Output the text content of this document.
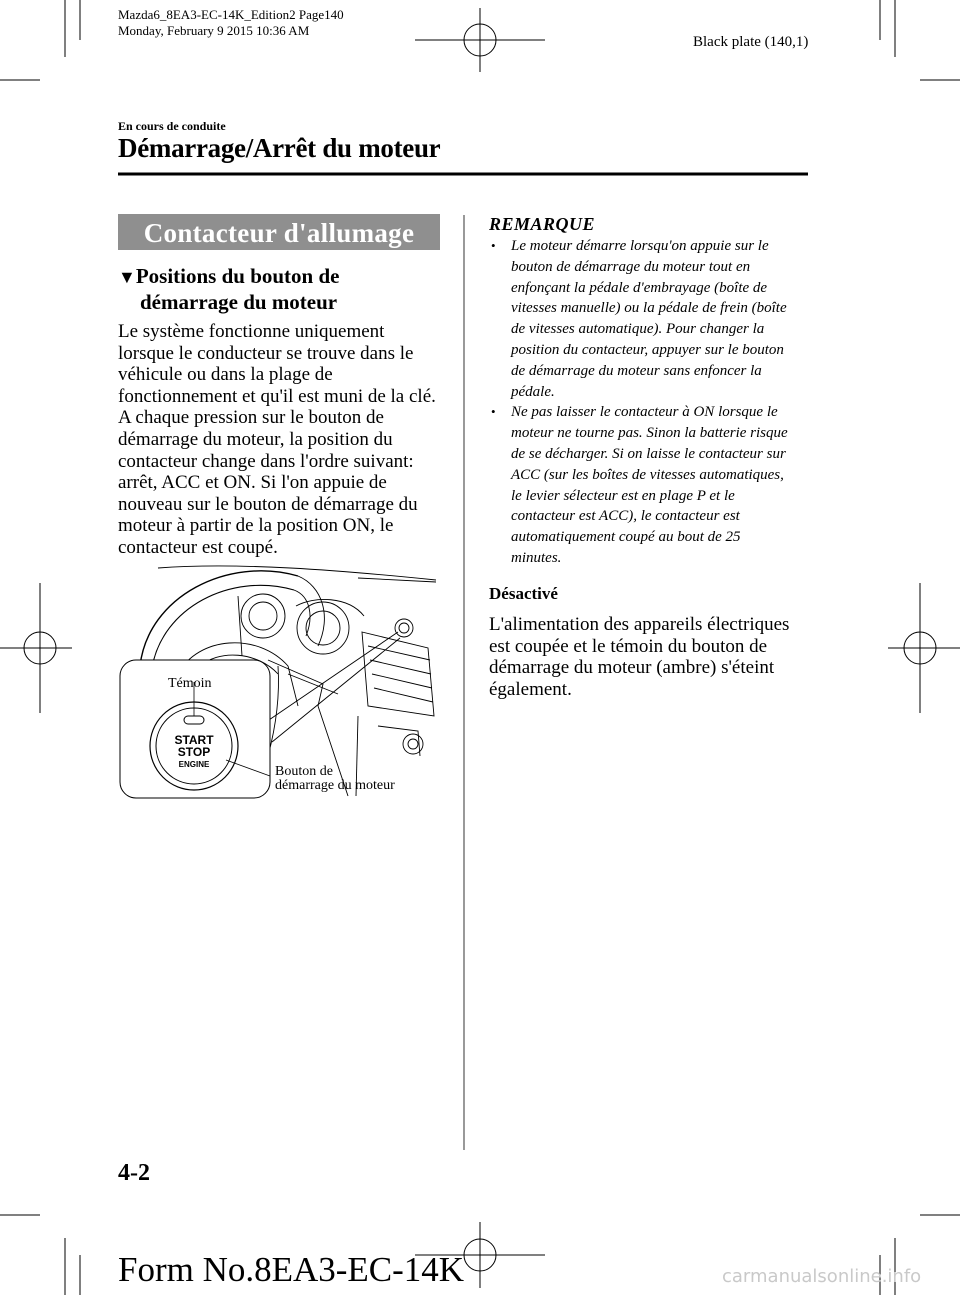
Mazda6_8EA3-EC-14K_Edition2 Page140
Monday, February 9 2015 10:36 AM
Black plate (140,1)
En cours de conduite
Démarrage/Arrêt du moteur
Contacteur d'allumage
▼Positions du bouton de
démarrage du moteur
Le système fonctionne uniquement lorsque le conducteur se trouve dans le véhicule ou dans la plage de fonctionnement et qu'il est muni de la clé. A chaque pression sur le bouton de démarrage du moteur, la position du contacteur change dans l'ordre suivant: arrêt, ACC et ON. Si l'on appuie de nouveau sur le bouton de démarrage du moteur à partir de la position ON, le contacteur est coupé.
START
STOP
ENGINE
Témoin
Bouton de
démarrage du moteur
REMARQUE
• Le moteur démarre lorsqu'on appuie sur le bouton de démarrage du moteur tout en enfonçant la pédale d'embrayage (boîte de vitesses manuelle) ou la pédale de frein (boîte de vitesses automatique). Pour changer la position du contacteur, appuyer sur le bouton de démarrage du moteur sans enfoncer la pédale.
• Ne pas laisser le contacteur à ON lorsque le moteur ne tourne pas. Sinon la batterie risque de se décharger. Si on laisse le contacteur sur ACC (sur les boîtes de vitesses automatiques, le levier sélecteur est en plage P et le contacteur est ACC), le contacteur est automatiquement coupé au bout de 25 minutes.
Désactivé
L'alimentation des appareils électriques est coupée et le témoin du bouton de démarrage du moteur (ambre) s'éteint également.
4-2
Form No.8EA3-EC-14K	carmanualsonline.info
